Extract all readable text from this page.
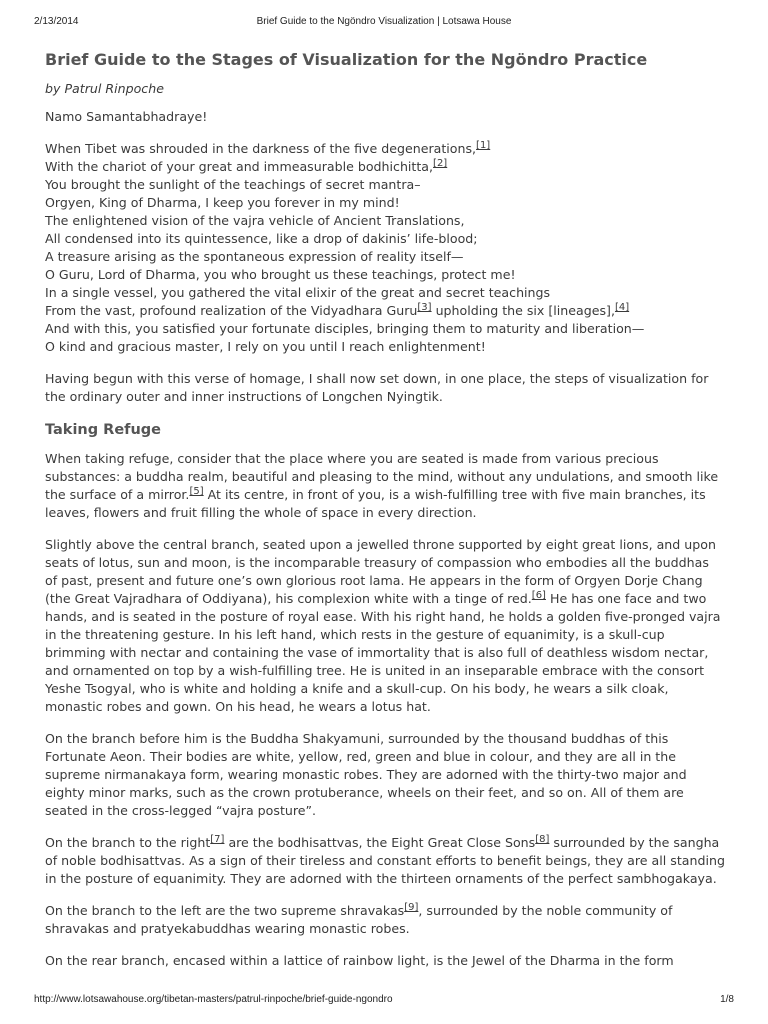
2/13/2014	Brief Guide to the Ngöndro Visualization | Lotsawa House
Brief Guide to the Stages of Visualization for the Ngöndro Practice
by Patrul Rinpoche

Namo Samantabhadraye!

When Tibet was shrouded in the darkness of the five degenerations,[1]
With the chariot of your great and immeasurable bodhichitta,[2]
You brought the sunlight of the teachings of secret mantra–
Orgyen, King of Dharma, I keep you forever in my mind!
The enlightened vision of the vajra vehicle of Ancient Translations,
All condensed into its quintessence, like a drop of dakinis’ life-blood;
A treasure arising as the spontaneous expression of reality itself—
O Guru, Lord of Dharma, you who brought us these teachings, protect me!
In a single vessel, you gathered the vital elixir of the great and secret teachings
From the vast, profound realization of the Vidyadhara Guru[3] upholding the six [lineages],[4]
And with this, you satisfied your fortunate disciples, bringing them to maturity and liberation—
O kind and gracious master, I rely on you until I reach enlightenment!

Having begun with this verse of homage, I shall now set down, in one place, the steps of visualization for the ordinary outer and inner instructions of Longchen Nyingtik.

Taking Refuge

When taking refuge, consider that the place where you are seated is made from various precious substances: a buddha realm, beautiful and pleasing to the mind, without any undulations, and smooth like the surface of a mirror.[5] At its centre, in front of you, is a wish-fulfilling tree with five main branches, its leaves, flowers and fruit filling the whole of space in every direction.

Slightly above the central branch, seated upon a jewelled throne supported by eight great lions, and upon seats of lotus, sun and moon, is the incomparable treasury of compassion who embodies all the buddhas of past, present and future one’s own glorious root lama. He appears in the form of Orgyen Dorje Chang (the Great Vajradhara of Oddiyana), his complexion white with a tinge of red.[6] He has one face and two hands, and is seated in the posture of royal ease. With his right hand, he holds a golden five-pronged vajra in the threatening gesture. In his left hand, which rests in the gesture of equanimity, is a skull-cup brimming with nectar and containing the vase of immortality that is also full of deathless wisdom nectar, and ornamented on top by a wish-fulfilling tree. He is united in an inseparable embrace with the consort Yeshe Tsogyal, who is white and holding a knife and a skull-cup. On his body, he wears a silk cloak, monastic robes and gown. On his head, he wears a lotus hat.

On the branch before him is the Buddha Shakyamuni, surrounded by the thousand buddhas of this Fortunate Aeon. Their bodies are white, yellow, red, green and blue in colour, and they are all in the supreme nirmanakaya form, wearing monastic robes. They are adorned with the thirty-two major and eighty minor marks, such as the crown protuberance, wheels on their feet, and so on. All of them are seated in the cross-legged “vajra posture”.

On the branch to the right[7] are the bodhisattvas, the Eight Great Close Sons[8] surrounded by the sangha of noble bodhisattvas. As a sign of their tireless and constant efforts to benefit beings, they are all standing in the posture of equanimity. They are adorned with the thirteen ornaments of the perfect sambhogakaya.

On the branch to the left are the two supreme shravakas[9], surrounded by the noble community of shravakas and pratyekabuddhas wearing monastic robes.

On the rear branch, encased within a lattice of rainbow light, is the Jewel of the Dharma in the form

http://www.lotsawahouse.org/tibetan-masters/patrul-rinpoche/brief-guide-ngondro	1/8
